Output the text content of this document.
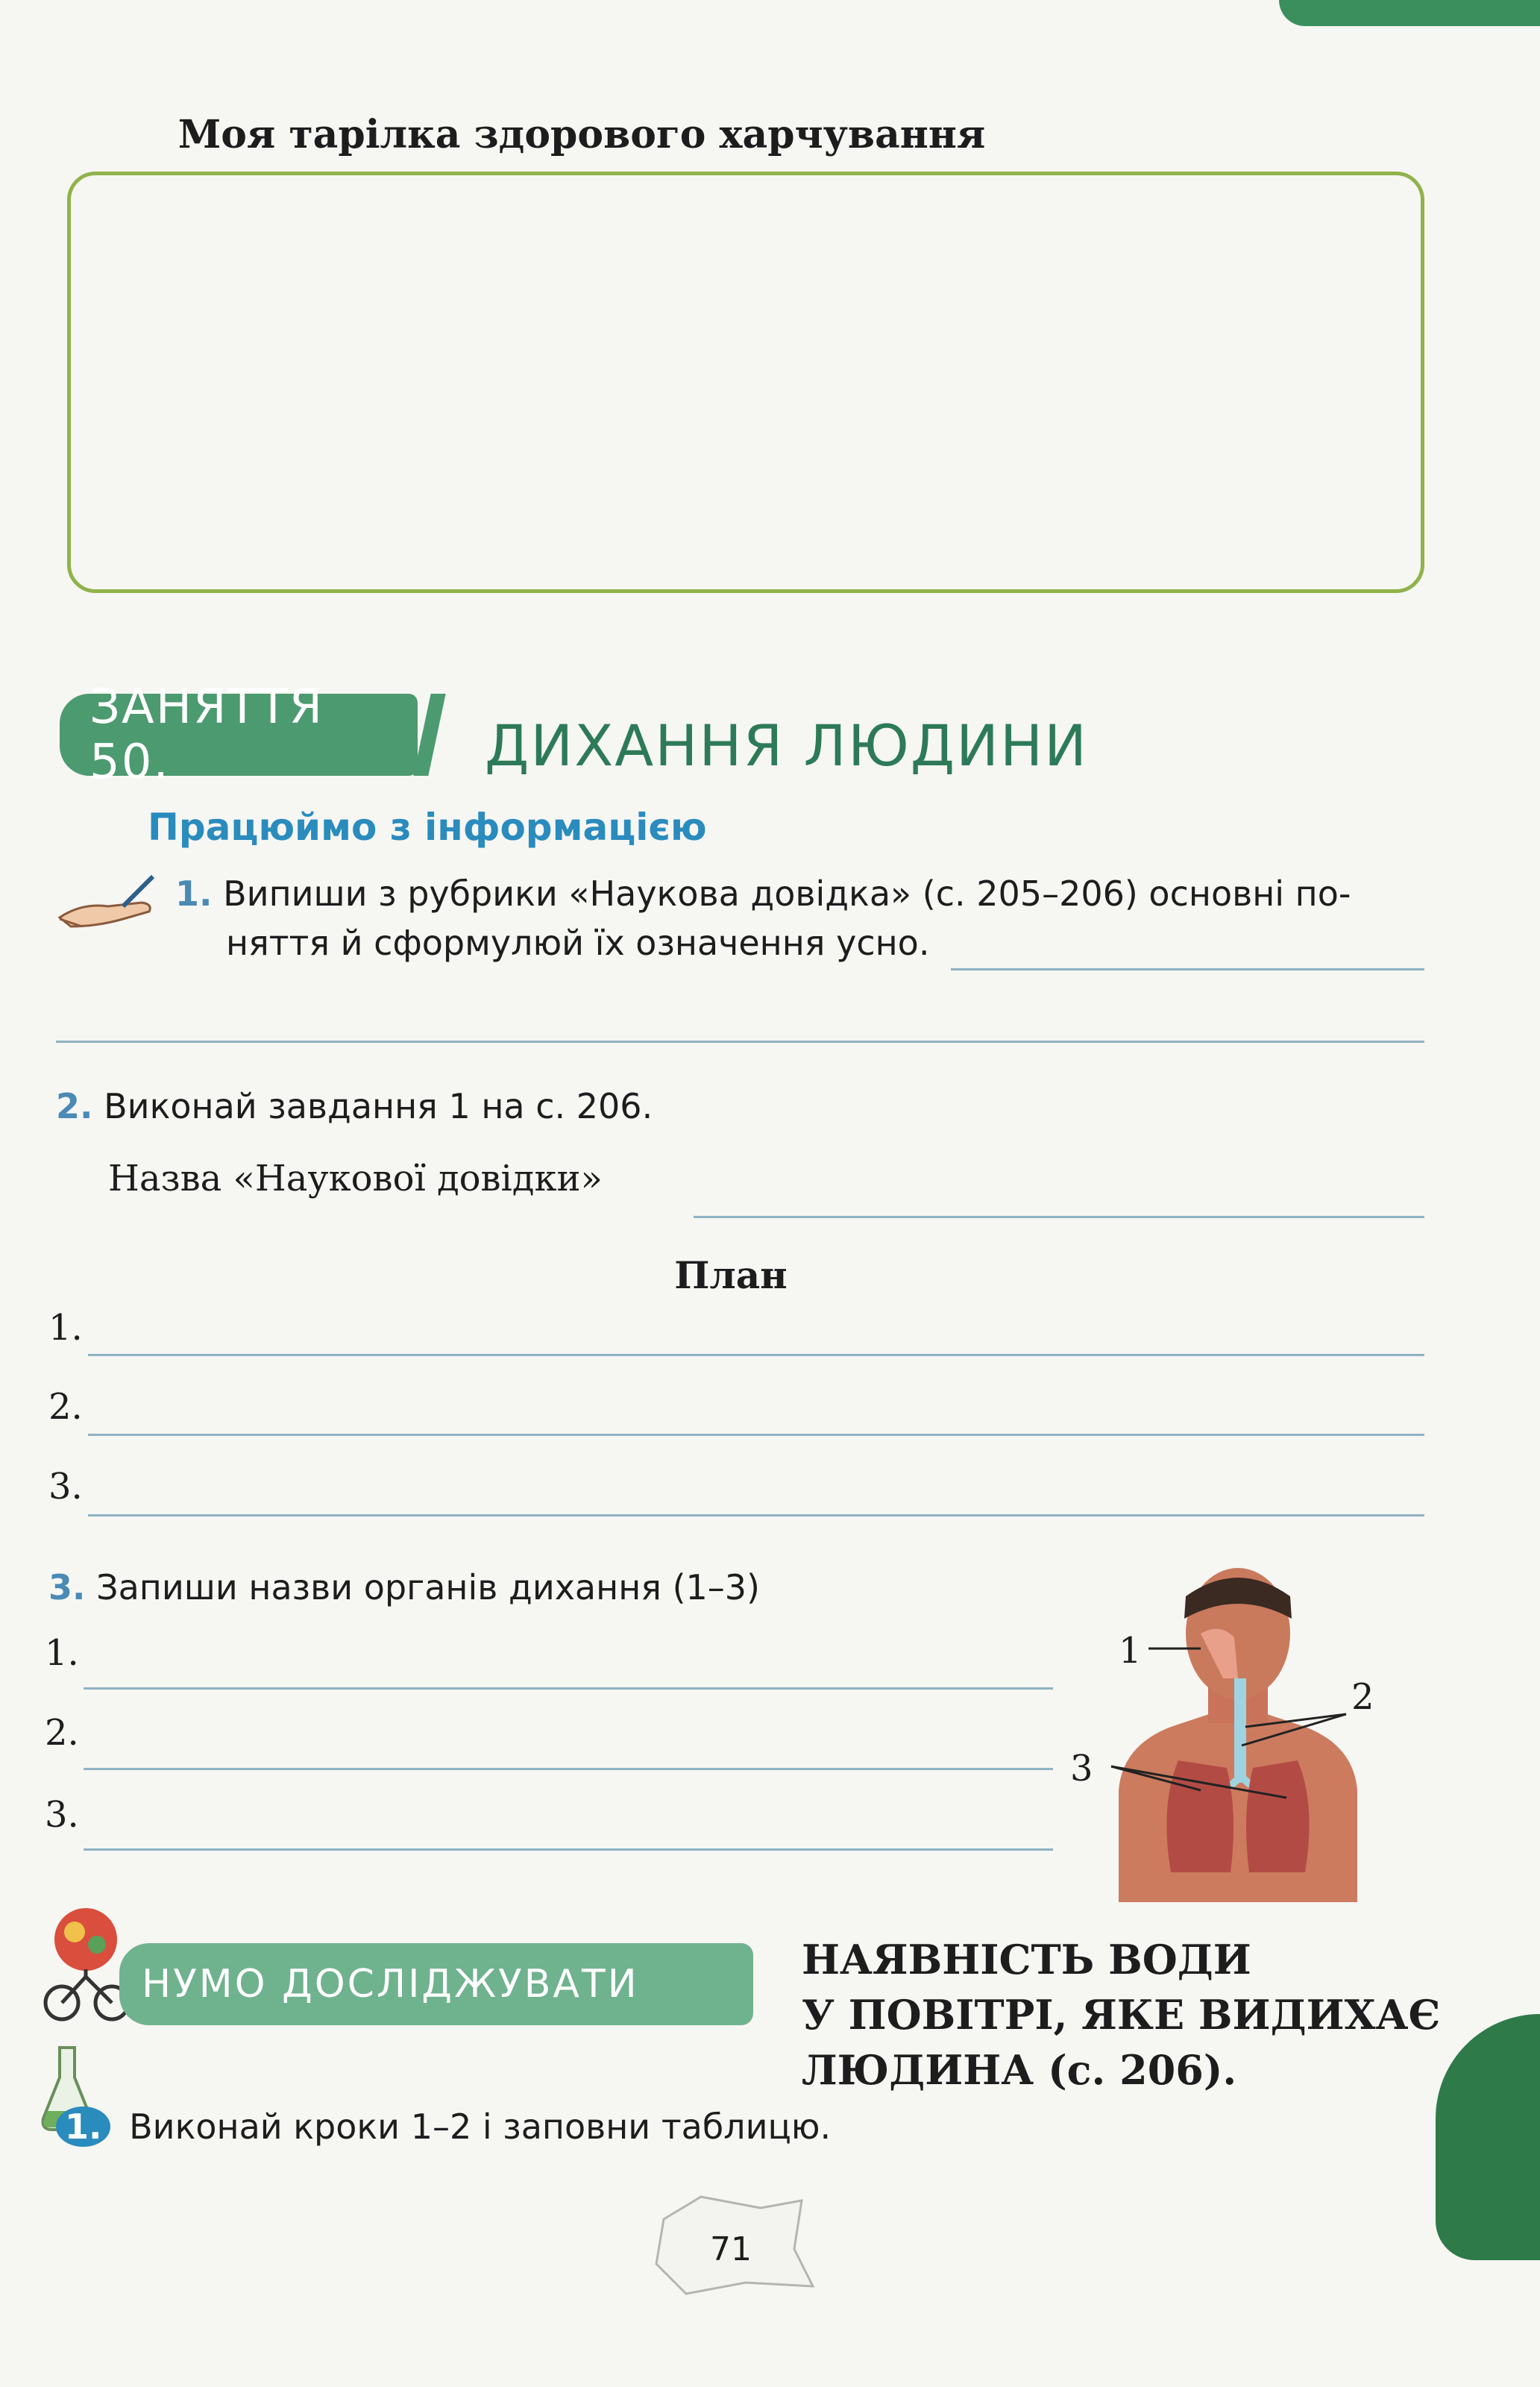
Моя тарілка здорового харчування
ЗАНЯТТЯ 50.	ДИХАННЯ ЛЮДИНИ
Працюймо з інформацією
1. Випиши з рубрики «Наукова довідка» (с. 205–206) основні по-
няття й сформулюй їх означення усно.
2. Виконай завдання 1 на с. 206.
Назва «Наукової довідки»
План
1.
2.
3.
3. Запиши назви органів дихання (1–3)
1.
2.
3.
1
2
3
НУМО ДОСЛІДЖУВАТИ
НАЯВНІСТЬ ВОДИ
У ПОВІТРІ, ЯКЕ ВИДИХАЄ
ЛЮДИНА (с. 206).
1. Виконай кроки 1–2 і заповни таблицю.
71
